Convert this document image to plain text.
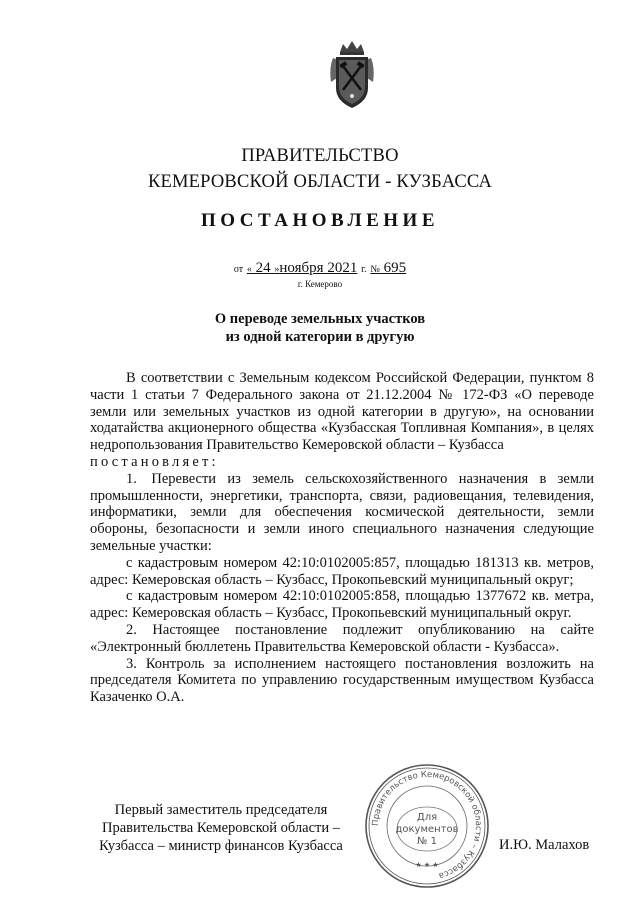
ПРАВИТЕЛЬСТВО
КЕМЕРОВСКОЙ ОБЛАСТИ - КУЗБАССА
ПОСТАНОВЛЕНИЕ
от « 24 »ноября 2021 г. № 695
г. Кемерово
О переводе земельных участков
из одной категории в другую

В соответствии с Земельным кодексом Российской Федерации, пунктом 8 части 1 статьи 7 Федерального закона от 21.12.2004 № 172-ФЗ «О переводе земли или земельных участков из одной категории в другую», на основании ходатайства акционерного общества «Кузбасская Топливная Компания», в целях недропользования Правительство Кемеровской области – Кузбасса

постановляет:

1. Перевести из земель сельскохозяйственного назначения в земли промышленности, энергетики, транспорта, связи, радиовещания, телевидения, информатики, земли для обеспечения космической деятельности, земли обороны, безопасности и земли иного специального назначения следующие земельные участки:

с кадастровым номером 42:10:0102005:857, площадью 181313 кв. метров, адрес: Кемеровская область – Кузбасс, Прокопьевский муниципальный округ;

с кадастровым номером 42:10:0102005:858, площадью 1377672 кв. метра, адрес: Кемеровская область – Кузбасс, Прокопьевский муниципальный округ.

2. Настоящее постановление подлежит опубликованию на сайте «Электронный бюллетень Правительства Кемеровской области - Кузбасса».

3. Контроль за исполнением настоящего постановления возложить на председателя Комитета по управлению государственным имуществом Кузбасса Казаченко О.А.

Первый заместитель председателя
Правительства Кемеровской области –
Кузбасса – министр финансов Кузбасса	И.Ю. Малахов
Правительство Кемеровской области – Кузбасса
★ ★ ★
Для
документов
№ 1
